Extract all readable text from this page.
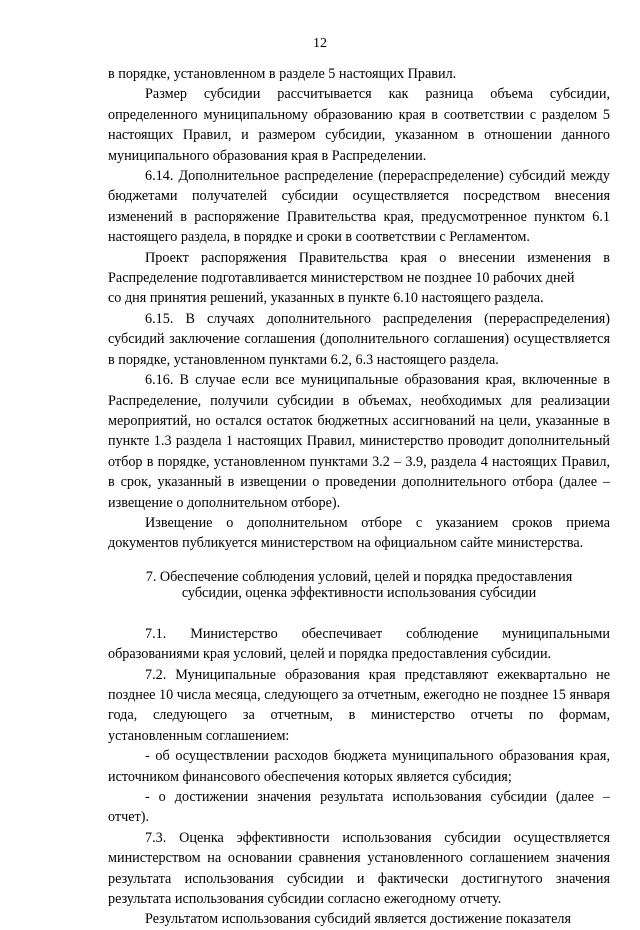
12

в порядке, установленном в разделе 5 настоящих Правил.

Размер субсидии рассчитывается как разница объема субсидии, определенного муниципальному образованию края в соответствии с разделом 5 настоящих Правил, и размером субсидии, указанном в отношении данного муниципального образования края в Распределении.

6.14. Дополнительное распределение (перераспределение) субсидий между бюджетами получателей субсидии осуществляется посредством внесения изменений в распоряжение Правительства края, предусмотренное пунктом 6.1 настоящего раздела, в порядке и сроки в соответствии с Регламентом.

Проект распоряжения Правительства края о внесении изменения в Распределение подготавливается министерством не позднее 10 рабочих дней

со дня принятия решений, указанных в пункте 6.10 настоящего раздела.

6.15. В случаях дополнительного распределения (перераспределения) субсидий заключение соглашения (дополнительного соглашения) осуществляется в порядке, установленном пунктами 6.2, 6.3 настоящего раздела.

6.16. В случае если все муниципальные образования края, включенные в Распределение, получили субсидии в объемах, необходимых для реализации мероприятий, но остался остаток бюджетных ассигнований на цели, указанные в пункте 1.3 раздела 1 настоящих Правил, министерство проводит дополнительный отбор в порядке, установленном пунктами 3.2 – 3.9, раздела 4 настоящих Правил, в срок, указанный в извещении о проведении дополнительного отбора (далее – извещение о дополнительном отборе).

Извещение о дополнительном отборе с указанием сроков приема документов публикуется министерством на официальном сайте министерства.

7. Обеспечение соблюдения условий, целей и порядка предоставления
субсидии, оценка эффективности использования субсидии

7.1. Министерство обеспечивает соблюдение муниципальными образованиями края условий, целей и порядка предоставления субсидии.

7.2. Муниципальные образования края представляют ежеквартально не позднее 10 числа месяца, следующего за отчетным, ежегодно не позднее 15 января года, следующего за отчетным, в министерство отчеты по формам, установленным соглашением:

- об осуществлении расходов бюджета муниципального образования края, источником финансового обеспечения которых является субсидия;

- о достижении значения результата использования субсидии (далее – отчет).

7.3. Оценка эффективности использования субсидии осуществляется министерством на основании сравнения установленного соглашением значения результата использования субсидии и фактически достигнутого значения результата использования субсидии согласно ежегодному отчету.

Результатом использования субсидий является достижение показателя
